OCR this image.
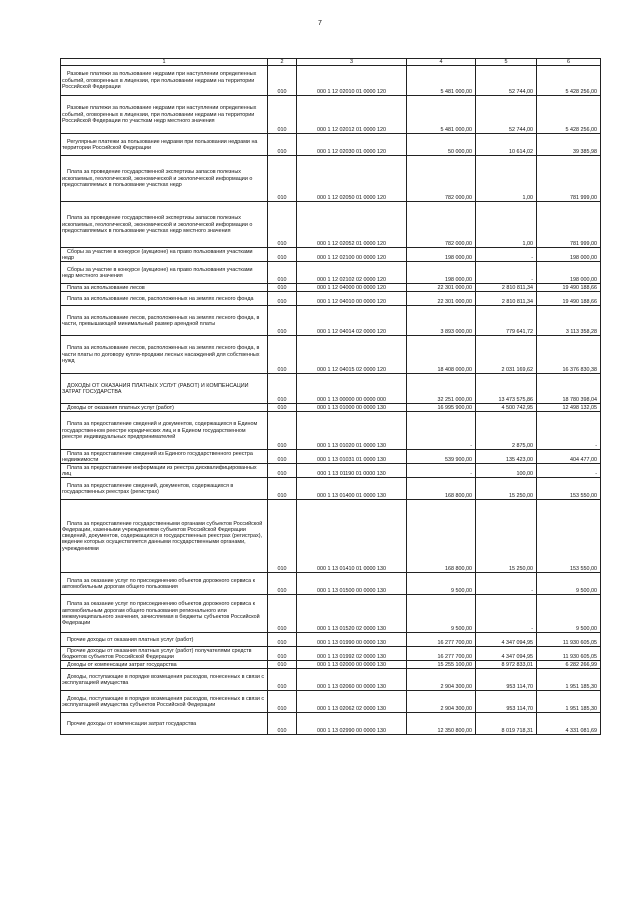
7
1	2	3	4	5	6
Разовые платежи за пользование недрами при наступлении определенных событий, оговоренных в лицензии, при пользовании недрами на территории Российской Федерации	010	000 1 12 02010 01 0000 120	5 481 000,00	52 744,00	5 428 256,00
Разовые платежи за пользование недрами при наступлении определенных событий, оговоренных в лицензии, при пользовании недрами на территории Российской Федерации по участкам недр местного значения	010	000 1 12 02012 01 0000 120	5 481 000,00	52 744,00	5 428 256,00
Регулярные платежи за пользование недрами при пользовании недрами на территории Российской Федерации	010	000 1 12 02030 01 0000 120	50 000,00	10 614,02	39 385,98
Плата за проведение государственной экспертизы запасов полезных ископаемых, геологической, экономической и экологической информации о предоставляемых в пользование участках недр	010	000 1 12 02050 01 0000 120	782 000,00	1,00	781 999,00
Плата за проведение государственной экспертизы запасов полезных ископаемых, геологической, экономической и экологической информации о предоставляемых в пользование участках недр местного значения	010	000 1 12 02052 01 0000 120	782 000,00	1,00	781 999,00
Сборы за участие в конкурсе (аукционе) на право пользования участками недр	010	000 1 12 02100 00 0000 120	198 000,00	-	198 000,00
Сборы за участие в конкурсе (аукционе) на право пользования участками недр местного значения	010	000 1 12 02102 02 0000 120	198 000,00	-	198 000,00
Плата за использование лесов	010	000 1 12 04000 00 0000 120	22 301 000,00	2 810 811,34	19 490 188,66
Плата за использование лесов, расположенных на землях лесного фонда	010	000 1 12 04010 00 0000 120	22 301 000,00	2 810 811,34	19 490 188,66
Плата за использование лесов, расположенных на землях лесного фонда, в части, превышающей минимальный размер арендной платы	010	000 1 12 04014 02 0000 120	3 893 000,00	779 641,72	3 113 358,28
Плата за использование лесов, расположенных на землях лесного фонда, в части платы по договору купли-продажи лесных насаждений для собственных нужд	010	000 1 12 04015 02 0000 120	18 408 000,00	2 031 169,62	16 376 830,38
ДОХОДЫ ОТ ОКАЗАНИЯ ПЛАТНЫХ УСЛУГ (РАБОТ) И КОМПЕНСАЦИИ ЗАТРАТ ГОСУДАРСТВА	010	000 1 13 00000 00 0000 000	32 251 000,00	13 473 575,86	18 780 398,04
Доходы от оказания платных услуг (работ)	010	000 1 13 01000 00 0000 130	16 995 900,00	4 500 742,95	12 498 132,05
Плата за предоставление сведений и документов, содержащихся в Едином государственном реестре юридических лиц и в Едином государственном реестре индивидуальных предпринимателей	010	000 1 13 01020 01 0000 130	-	2 875,00	-
Плата за предоставление сведений из Единого государственного реестра недвижимости	010	000 1 13 01031 01 0000 130	539 900,00	135 423,00	404 477,00
Плата за предоставление информации из реестра дисквалифицированных лиц	010	000 1 13 01190 01 0000 130	-	100,00	-
Плата за предоставление сведений, документов, содержащихся в государственных реестрах (регистрах)	010	000 1 13 01400 01 0000 130	168 800,00	15 250,00	153 550,00
Плата за предоставление государственными органами субъектов Российской Федерации, казенными учреждениями субъектов Российской Федерации сведений, документов, содержащихся в государственных реестрах (регистрах), ведение которых осуществляется данными государственными органами, учреждениями	010	000 1 13 01410 01 0000 130	168 800,00	15 250,00	153 550,00
Плата за оказание услуг по присоединению объектов дорожного сервиса к автомобильным дорогам общего пользования	010	000 1 13 01500 00 0000 130	9 500,00	-	9 500,00
Плата за оказание услуг по присоединению объектов дорожного сервиса к автомобильным дорогам общего пользования регионального или межмуниципального значения, зачисляемая в бюджеты субъектов Российской Федерации	010	000 1 13 01520 02 0000 130	9 500,00	-	9 500,00
Прочие доходы от оказания платных услуг (работ)	010	000 1 13 01990 00 0000 130	16 277 700,00	4 347 094,95	11 930 605,05
Прочие доходы от оказания платных услуг (работ) получателями средств бюджетов субъектов Российской Федерации	010	000 1 13 01992 02 0000 130	16 277 700,00	4 347 094,95	11 930 605,05
Доходы от компенсации затрат государства	010	000 1 13 02000 00 0000 130	15 255 100,00	8 972 833,01	6 282 266,99
Доходы, поступающие в порядке возмещения расходов, понесенных в связи с эксплуатацией имущества	010	000 1 13 02060 00 0000 130	2 904 300,00	953 114,70	1 951 185,30
Доходы, поступающие в порядке возмещения расходов, понесенных в связи с эксплуатацией имущества субъектов Российской Федерации	010	000 1 13 02062 02 0000 130	2 904 300,00	953 114,70	1 951 185,30
Прочие доходы от компенсации затрат государства	010	000 1 13 02990 00 0000 130	12 350 800,00	8 019 718,31	4 331 081,69
